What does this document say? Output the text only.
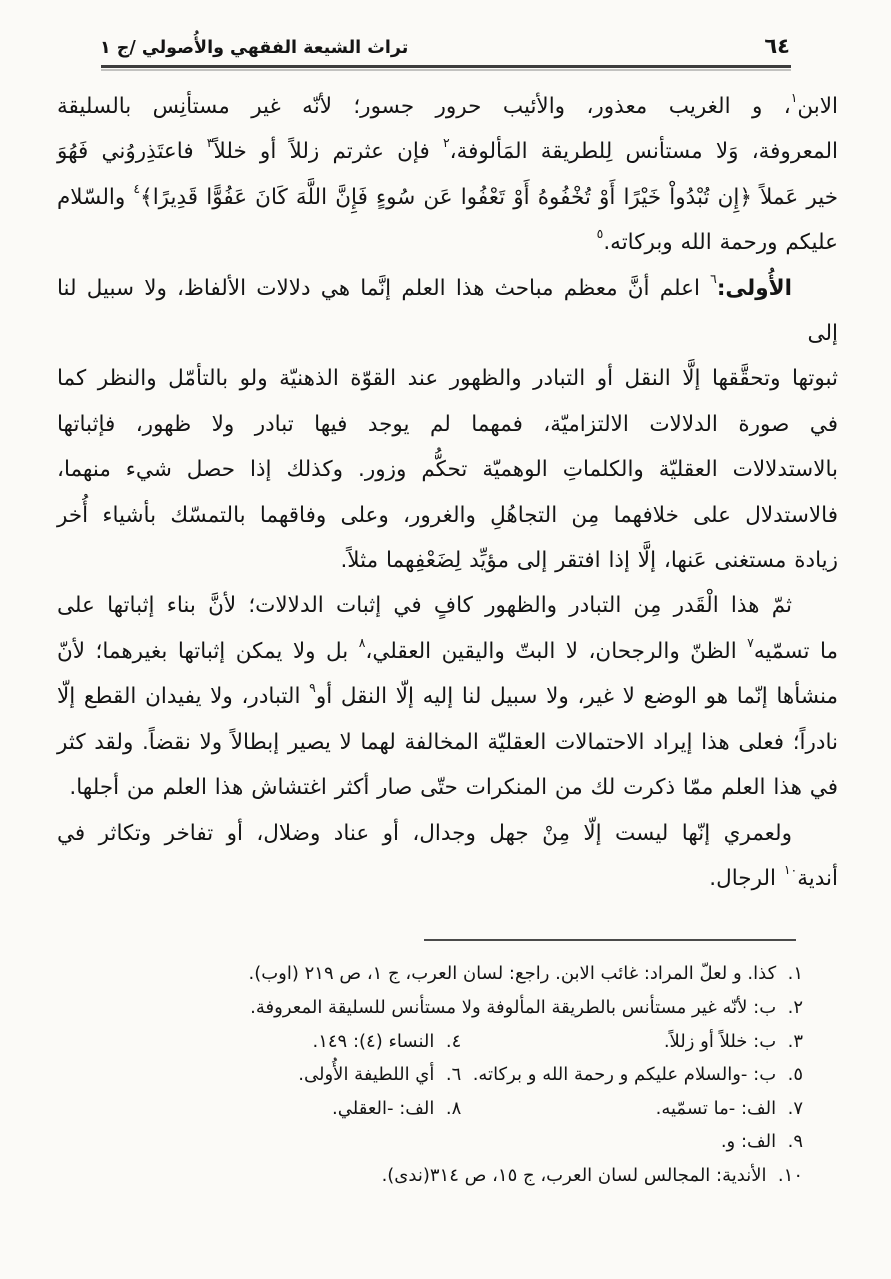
٦٤
تراث الشيعة الفقهي والأُصولي /ج ١
الابن$^١$، و الغريب معذور، والأئيب حرور جسور؛ لأنّه غير مستأنِس بالسليقة
المعروفة، وَلا مستأنس لِلطريقة المَألوفة،$^٢$ فإن عثرتم زللاً أو خللاً$^٣$ فاعتَذِروُني فَهُوَ
خير عَملاً ﴿إِن تُبْدُواْ خَيْرًا أَوْ تُخْفُوهُ أَوْ تَعْفُوا عَن سُوءٍ فَإِنَّ اللَّهَ كَانَ عَفُوًّا قَدِيرًا﴾$^٤$ والسّلام
عليكم ورحمة الله وبركاته.$^٥$
الأُولى:$^٦$ اعلم أنَّ معظم مباحث هذا العلم إنَّما هي دلالات الألفاظ، ولا سبيل لنا إلى
ثبوتها وتحقَّقها إلَّا النقل أو التبادر والظهور عند القوّة الذهنيّة ولو بالتأمّل والنظر كما
في صورة الدلالات الالتزاميّة، فمهما لم يوجد فيها تبادر ولا ظهور، فإثباتها
بالاستدلالات العقليّة والكلماتِ الوهميّة تحكُّم وزور. وكذلك إذا حصل شيء منهما،
فالاستدلال على خلافهما مِن التجاهُلِ والغرور، وعلى وفاقهما بالتمسّك بأشياء أُخر
زيادة مستغنى عَنها، إلَّا إذا افتقر إلى مؤيِّد لِضَعْفِهما مثلاً.
ثمّ هذا الْقَدر مِن التبادر والظهور كافٍ في إثبات الدلالات؛ لأنَّ بناء إثباتها على
ما تسمّيه$^٧$ الظنّ والرجحان، لا البتّ واليقين العقلي،$^٨$ بل ولا يمكن إثباتها بغيرهما؛ لأنّ
منشأها إنّما هو الوضع لا غير، ولا سبيل لنا إليه إلّا النقل أو$^٩$ التبادر، ولا يفيدان القطع إلّا
نادراً؛ فعلى هذا إيراد الاحتمالات العقليّة المخالفة لهما لا يصير إبطالاً ولا نقضاً. ولقد كثر
في هذا العلم ممّا ذكرت لك من المنكرات حتّى صار أكثر اغتشاش هذا العلم من أجلها.
ولعمري إنّها ليست إلّا مِنْ جهل وجدال، أو عناد وضلال، أو تفاخر وتكاثر في
أندية$^{١٠}$ الرجال.
١.  كذا. و لعلّ المراد: غائب الابن. راجع: لسان العرب، ج ١، ص ٢١٩ (اوب).
٢.  ب: لأنّه غير مستأنس بالطريقة المألوفة ولا مستأنس للسليقة المعروفة.
٣.  ب: خللاً أو زللاً.
٤.  النساء (٤): ١٤٩.
٥.  ب: -والسلام عليكم و رحمة الله و بركاته.
٦.  أي اللطيفة الأُولى.
٧.  الف: -ما تسمّيه.
٨.  الف: -العقلي.
٩.  الف: و.
١٠.  الأندية: المجالس لسان العرب، ج ١٥، ص ٣١٤(ندى).
